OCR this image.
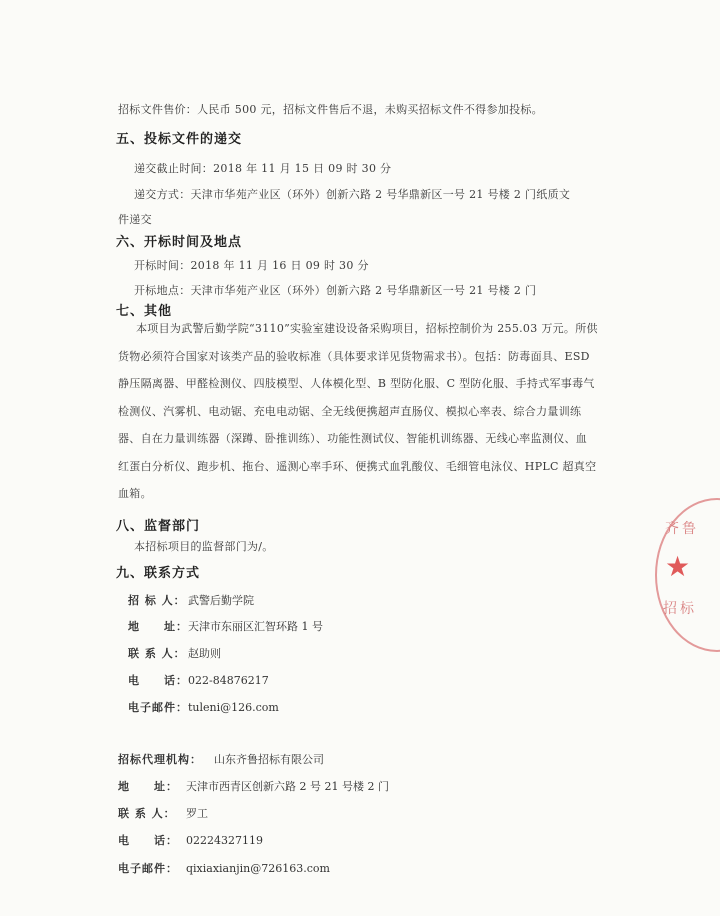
招标文件售价：人民币 500 元，招标文件售后不退，未购买招标文件不得参加投标。
五、投标文件的递交
递交截止时间：2018 年 11 月 15 日 09 时 30 分
递交方式：天津市华苑产业区（环外）创新六路 2 号华鼎新区一号 21 号楼 2 门纸质文
件递交
六、开标时间及地点
开标时间：2018 年 11 月 16 日 09 时 30 分
开标地点：天津市华苑产业区（环外）创新六路 2 号华鼎新区一号 21 号楼 2 门
七、其他

本项目为武警后勤学院“3110”实验室建设设备采购项目，招标控制价为 255.03 万元。所供货物必须符合国家对该类产品的验收标准（具体要求详见货物需求书）。包括：防毒面具、ESD 静压隔离器、甲醛检测仪、四肢模型、人体模化型、B 型防化服、C 型防化服、手持式军事毒气检测仪、汽雾机、电动锯、充电电动锯、全无线便携超声直肠仪、模拟心率表、综合力量训练器、自在力量训练器（深蹲、卧推训练）、功能性测试仪、智能机训练器、无线心率监测仪、血红蛋白分析仪、跑步机、拖台、遥测心率手环、便携式血乳酸仪、毛细管电泳仪、HPLC 超真空血箱。

八、监督部门
本招标项目的监督部门为/。
九、联系方式
招 标 人： 武警后勤学院
地　　址：天津市东丽区汇智环路 1 号
联 系 人： 赵助则
电　　话：022-84876217
电子邮件：tuleni@126.com
招标代理机构： 山东齐鲁招标有限公司
地　　址： 天津市西青区创新六路 2 号 21 号楼 2 门
联 系 人： 罗工
电　　话： 02224327119
电子邮件： qixiaxianjin@726163.com
齐鲁
★
招标
